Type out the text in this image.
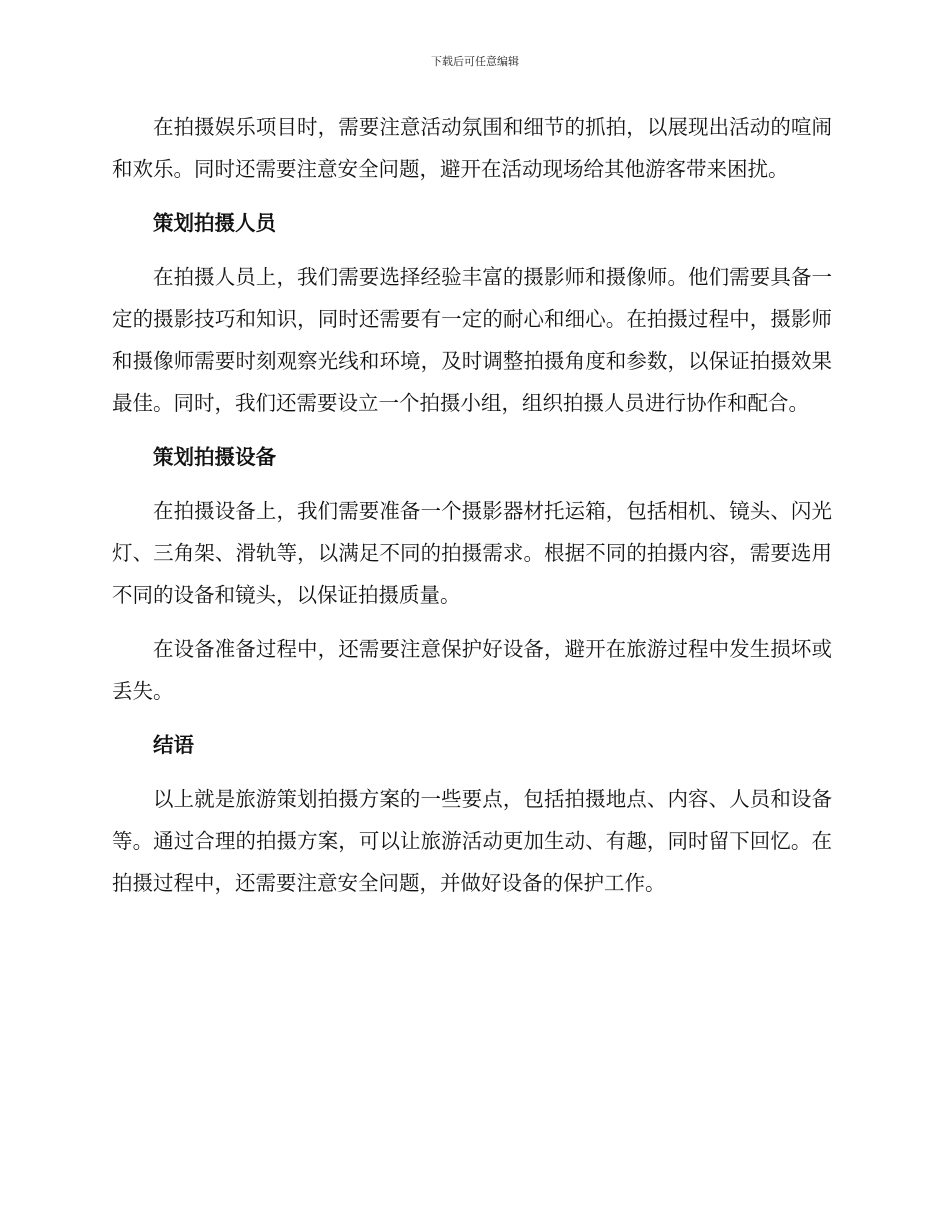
下载后可任意编辑

在拍摄娱乐项目时，需要注意活动氛围和细节的抓拍，以展现出活动的喧闹和欢乐。同时还需要注意安全问题，避开在活动现场给其他游客带来困扰。

策划拍摄人员

在拍摄人员上，我们需要选择经验丰富的摄影师和摄像师。他们需要具备一定的摄影技巧和知识，同时还需要有一定的耐心和细心。在拍摄过程中，摄影师和摄像师需要时刻观察光线和环境，及时调整拍摄角度和参数，以保证拍摄效果最佳。同时，我们还需要设立一个拍摄小组，组织拍摄人员进行协作和配合。

策划拍摄设备

在拍摄设备上，我们需要准备一个摄影器材托运箱，包括相机、镜头、闪光灯、三角架、滑轨等，以满足不同的拍摄需求。根据不同的拍摄内容，需要选用不同的设备和镜头，以保证拍摄质量。

在设备准备过程中，还需要注意保护好设备，避开在旅游过程中发生损坏或丢失。

结语

以上就是旅游策划拍摄方案的一些要点，包括拍摄地点、内容、人员和设备等。通过合理的拍摄方案，可以让旅游活动更加生动、有趣，同时留下回忆。在拍摄过程中，还需要注意安全问题，并做好设备的保护工作。
